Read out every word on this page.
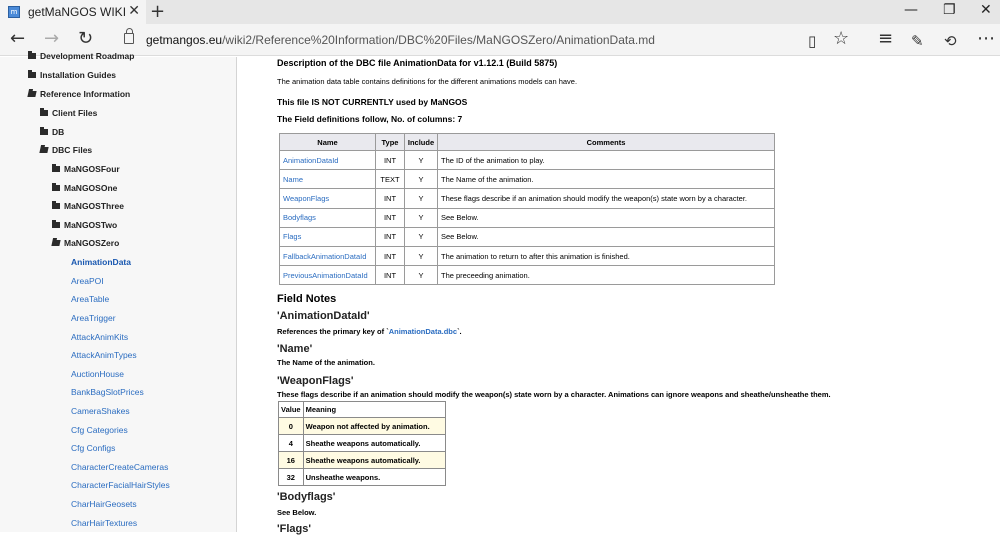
m getMaNGOS WIKI ✕ +	— ❐ ✕
← → ↻	getmangos.eu/wiki2/Reference%20Information/DBC%20Files/MaNGOSZero/AnimationData.md	▯ ☆ ≡ ✎ ⟲ ⋯
Development Roadmap
Installation Guides
Reference Information
Client Files
DB
DBC Files
MaNGOSFour
MaNGOSOne
MaNGOSThree
MaNGOSTwo
MaNGOSZero
AnimationData
AreaPOI
AreaTable
AreaTrigger
AttackAnimKits
AttackAnimTypes
AuctionHouse
BankBagSlotPrices
CameraShakes
Cfg Categories
Cfg Configs
CharacterCreateCameras
CharacterFacialHairStyles
CharHairGeosets
CharHairTextures
Description of the DBC file AnimationData for v1.12.1 (Build 5875)
The animation data table contains definitions for the different animations models can have.
This file IS NOT CURRENTLY used by MaNGOS
The Field definitions follow, No. of columns: 7
Name	Type	Include	Comments
AnimationDataId	INT	Y	The ID of the animation to play.
Name	TEXT	Y	The Name of the animation.
WeaponFlags	INT	Y	These flags describe if an animation should modify the weapon(s) state worn by a character.
Bodyflags	INT	Y	See Below.
Flags	INT	Y	See Below.
FallbackAnimationDataId	INT	Y	The animation to return to after this animation is finished.
PreviousAnimationDataId	INT	Y	The preceeding animation.
Field Notes
'AnimationDataId'
References the primary key of `AnimationData.dbc`.
'Name'
The Name of the animation.
'WeaponFlags'
These flags describe if an animation should modify the weapon(s) state worn by a character. Animations can ignore weapons and sheathe/unsheathe them.
Value	Meaning
0	Weapon not affected by animation.
4	Sheathe weapons automatically.
16	Sheathe weapons automatically.
32	Unsheathe weapons.
'Bodyflags'
See Below.
'Flags'
